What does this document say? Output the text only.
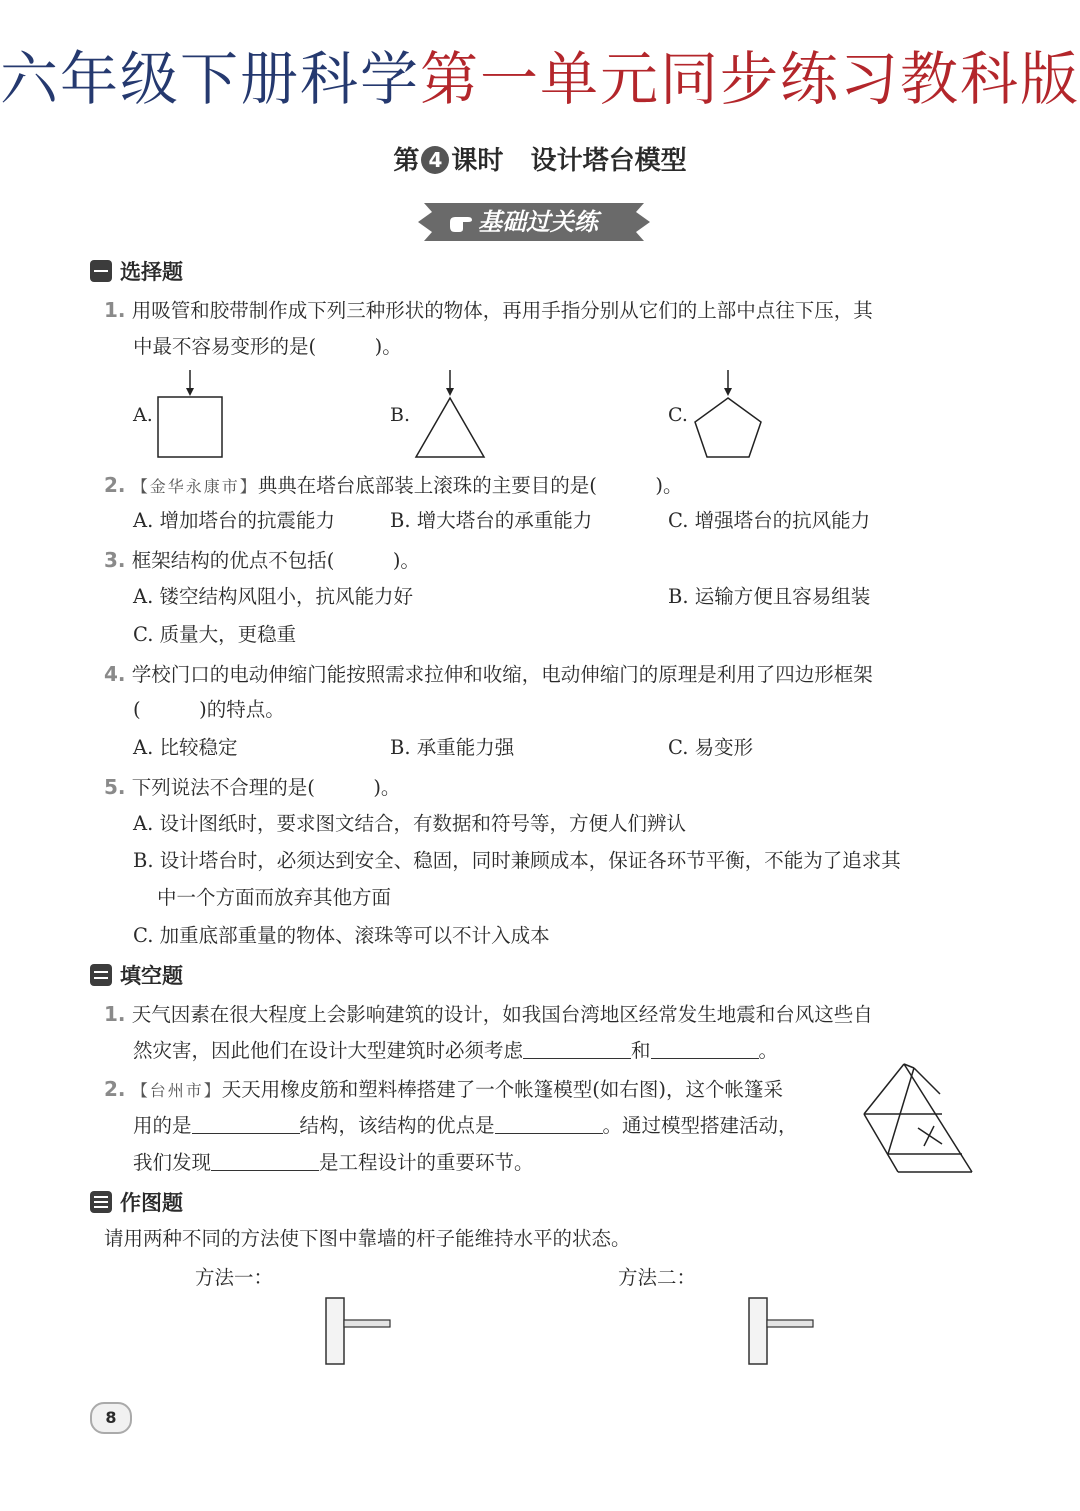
六年级下册科学第一单元同步练习教科版
第 4 课时 设计塔台模型
基础过关练
选择题
1. 用吸管和胶带制作成下列三种形状的物体，再用手指分别从它们的上部中点往下压，其
中最不容易变形的是(　　　)。
A.	B.	C.
2. 【金华永康市】典典在塔台底部装上滚珠的主要目的是(　　　)。
A. 增加塔台的抗震能力	B. 增大塔台的承重能力	C. 增强塔台的抗风能力
3. 框架结构的优点不包括(　　　)。
A. 镂空结构风阻小，抗风能力好	B. 运输方便且容易组装
C. 质量大，更稳重
4. 学校门口的电动伸缩门能按照需求拉伸和收缩，电动伸缩门的原理是利用了四边形框架
(　　　)的特点。
A. 比较稳定	B. 承重能力强	C. 易变形
5. 下列说法不合理的是(　　　)。
A. 设计图纸时，要求图文结合，有数据和符号等，方便人们辨认
B. 设计塔台时，必须达到安全、稳固，同时兼顾成本，保证各环节平衡，不能为了追求其
中一个方面而放弃其他方面
C. 加重底部重量的物体、滚珠等可以不计入成本
填空题
1. 天气因素在很大程度上会影响建筑的设计，如我国台湾地区经常发生地震和台风这些自
然灾害，因此他们在设计大型建筑时必须考虑	和	。
2. 【台州市】天天用橡皮筋和塑料棒搭建了一个帐篷模型(如右图)，这个帐篷采
用的是	结构，该结构的优点是	。通过模型搭建活动，
我们发现	是工程设计的重要环节。
作图题
请用两种不同的方法使下图中靠墙的杆子能维持水平的状态。
方法一：	方法二：
8
